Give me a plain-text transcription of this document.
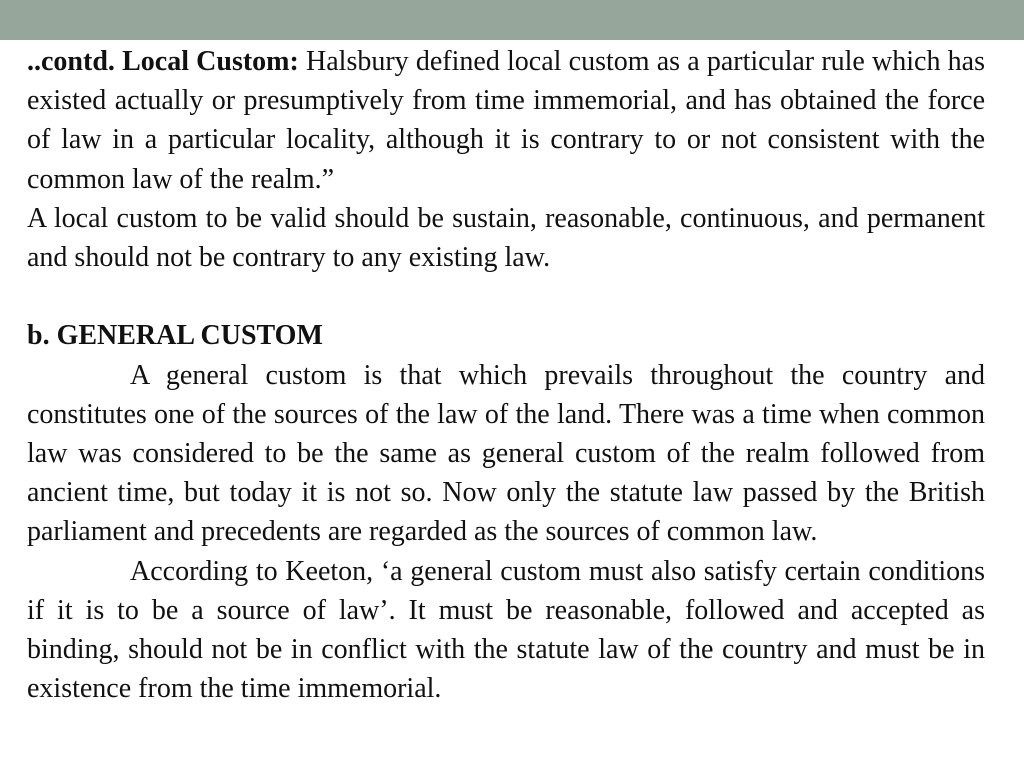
..contd. Local Custom: Halsbury defined local custom as a particular rule which has existed actually or presumptively from time immemorial, and has obtained the force of law in a particular locality, although it is contrary to or not consistent with the common law of the realm.”

A local custom to be valid should be sustain, reasonable, continuous, and permanent and should not be contrary to any existing law.

b. GENERAL CUSTOM

A general custom is that which prevails throughout the country and constitutes one of the sources of the law of the land. There was a time when common law was considered to be the same as general custom of the realm followed from ancient time, but today it is not so. Now only the statute law passed by the British parliament and precedents are regarded as the sources of common law.

According to Keeton, ‘a general custom must also satisfy certain conditions if it is to be a source of law’. It must be reasonable, followed and accepted as binding, should not be in conflict with the statute law of the country and must be in existence from the time immemorial.
